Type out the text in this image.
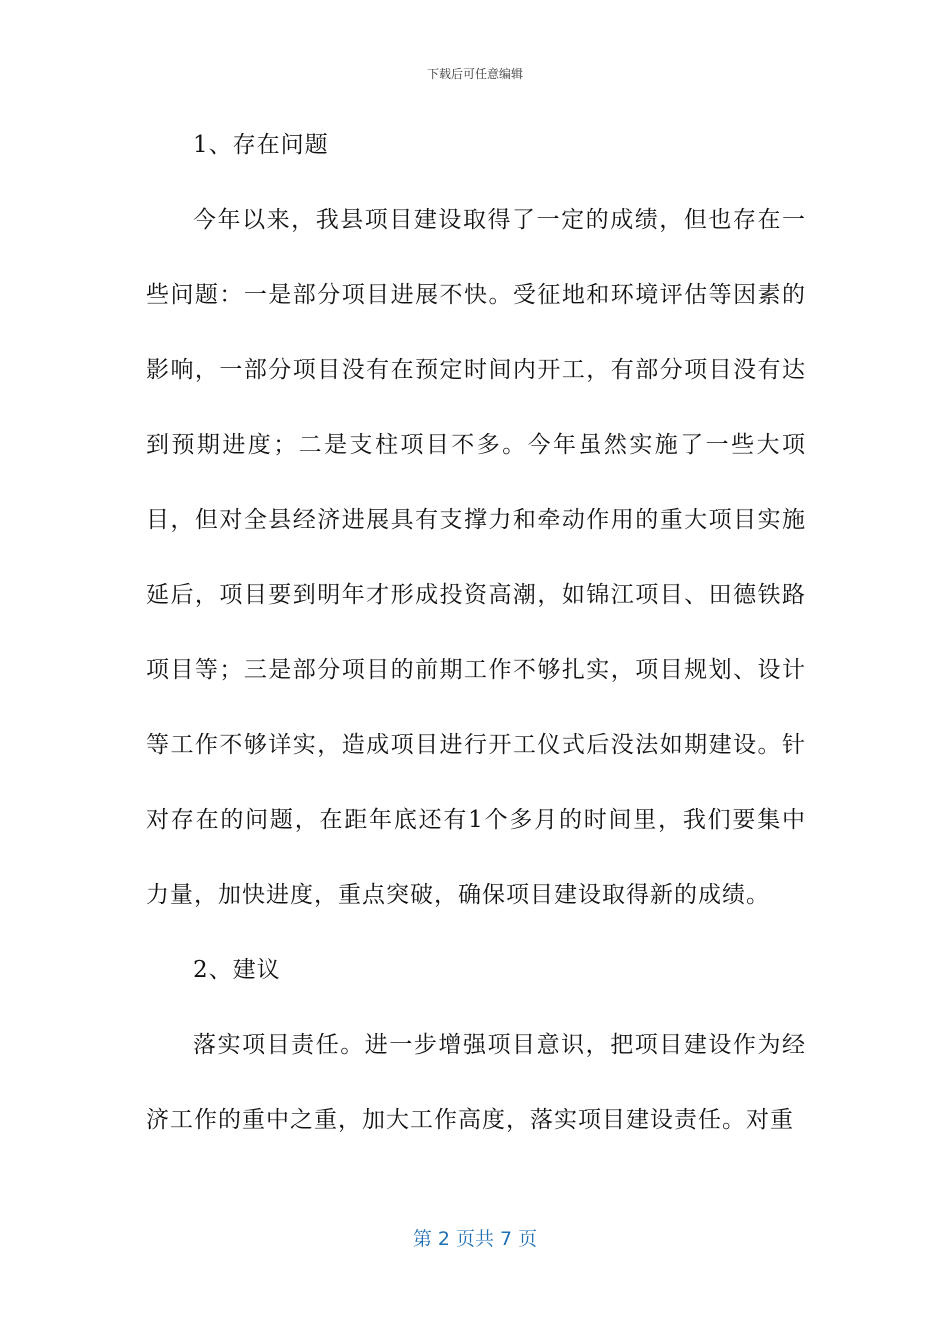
下载后可任意编辑

1、存在问题

今年以来，我县项目建设取得了一定的成绩，但也存在一些问题：一是部分项目进展不快。受征地和环境评估等因素的影响，一部分项目没有在预定时间内开工，有部分项目没有达到预期进度；二是支柱项目不多。今年虽然实施了一些大项目，但对全县经济进展具有支撑力和牵动作用的重大项目实施延后，项目要到明年才形成投资高潮，如锦江项目、田德铁路项目等；三是部分项目的前期工作不够扎实，项目规划、设计等工作不够详实，造成项目进行开工仪式后没法如期建设。针对存在的问题，在距年底还有1个多月的时间里，我们要集中力量，加快进度，重点突破，确保项目建设取得新的成绩。

2、建议

落实项目责任。进一步增强项目意识，把项目建设作为经济工作的重中之重，加大工作高度，落实项目建设责任。对重

第 2 页共 7 页
